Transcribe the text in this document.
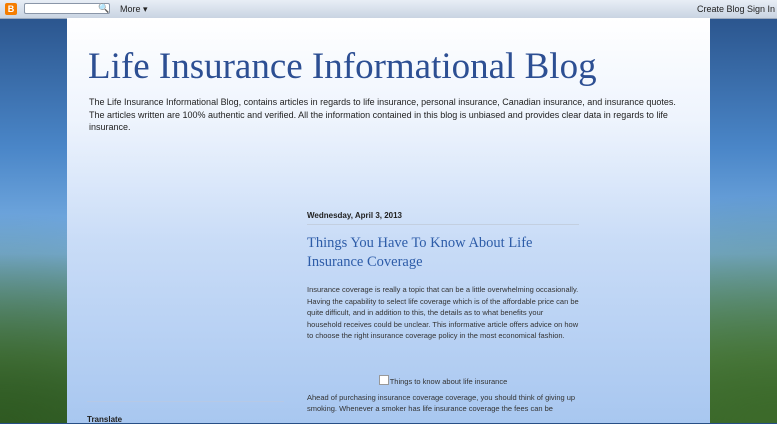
B	🔍 More ▾	Create Blog Sign In
Life Insurance Informational Blog

The Life Insurance Informational Blog, contains articles in regards to life insurance, personal insurance, Canadian insurance, and insurance quotes. The articles written are 100% authentic and verified. All the information contained in this blog is unbiased and provides clear data in regards to life insurance.

Wednesday, April 3, 2013
Things You Have To Know About Life Insurance Coverage

Insurance coverage is really a topic that can be a little overwhelming occasionally. Having the capability to select life coverage which is of the affordable price can be quite difficult, and in addition to this, the details as to what benefits your household receives could be unclear. This informative article offers advice on how to choose the right insurance coverage policy in the most economical fashion.

Things to know about life insurance

Ahead of purchasing insurance coverage coverage, you should think of giving up smoking. Whenever a smoker has life insurance coverage the fees can be

Translate
